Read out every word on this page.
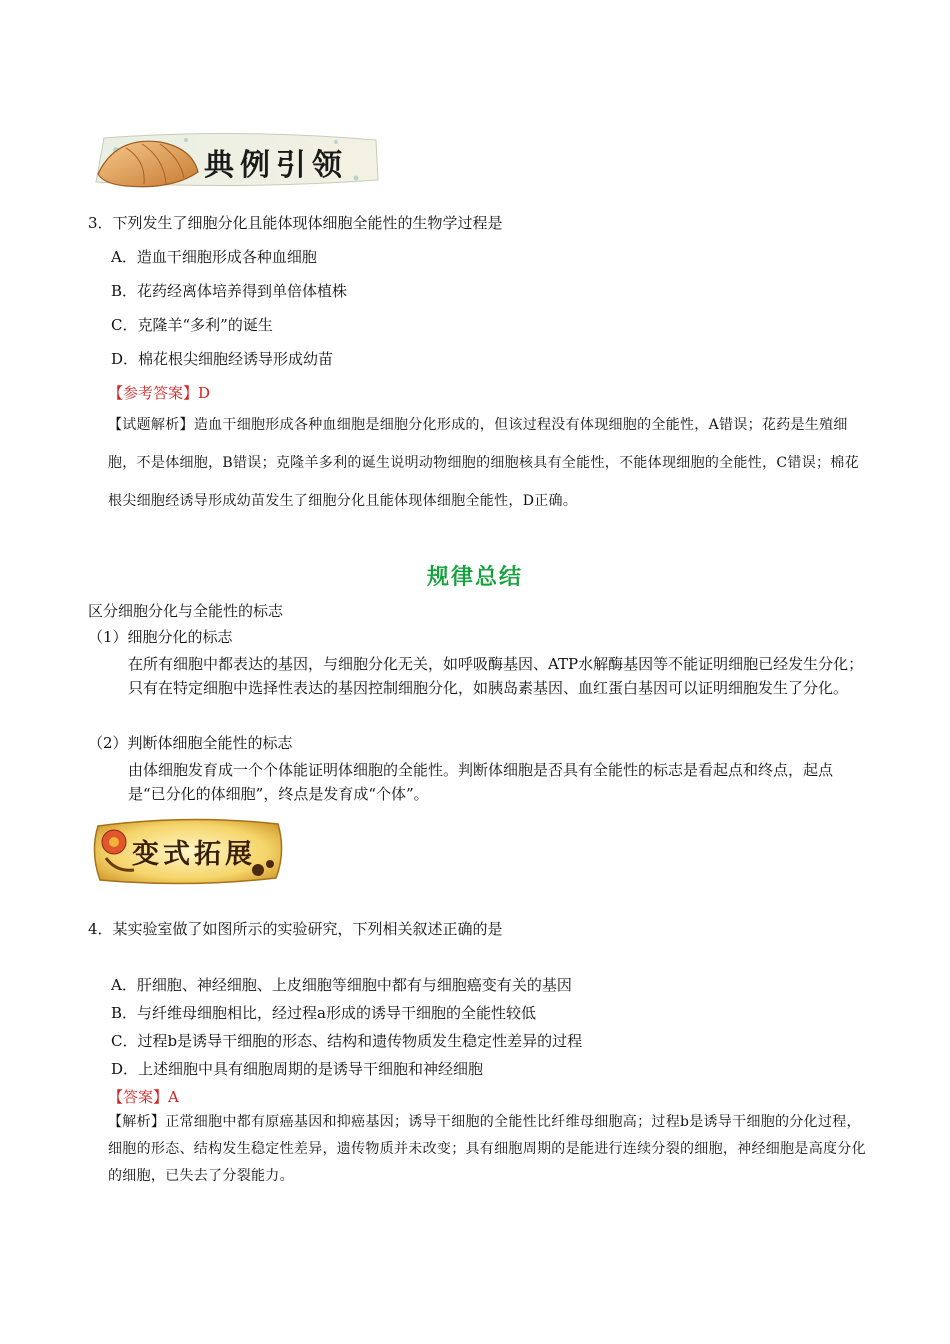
典例引领
3．下列发生了细胞分化且能体现体细胞全能性的生物学过程是
A．造血干细胞形成各种血细胞
B．花药经离体培养得到单倍体植株
C．克隆羊“多利”的诞生
D．棉花根尖细胞经诱导形成幼苗
【参考答案】D
【试题解析】造血干细胞形成各种血细胞是细胞分化形成的，但该过程没有体现细胞的全能性，A错误；花药是生殖细胞，不是体细胞，B错误；克隆羊多利的诞生说明动物细胞的细胞核具有全能性，不能体现细胞的全能性，C错误；棉花根尖细胞经诱导形成幼苗发生了细胞分化且能体现体细胞全能性，D正确。
规律总结
区分细胞分化与全能性的标志
（1）细胞分化的标志
在所有细胞中都表达的基因，与细胞分化无关，如呼吸酶基因、ATP水解酶基因等不能证明细胞已经发生分化；只有在特定细胞中选择性表达的基因控制细胞分化，如胰岛素基因、血红蛋白基因可以证明细胞发生了分化。
（2）判断体细胞全能性的标志
由体细胞发育成一个个体能证明体细胞的全能性。判断体细胞是否具有全能性的标志是看起点和终点，起点是“已分化的体细胞”，终点是发育成“个体”。
变式拓展
4．某实验室做了如图所示的实验研究，下列相关叙述正确的是
A．肝细胞、神经细胞、上皮细胞等细胞中都有与细胞癌变有关的基因
B．与纤维母细胞相比，经过程a形成的诱导干细胞的全能性较低
C．过程b是诱导干细胞的形态、结构和遗传物质发生稳定性差异的过程
D．上述细胞中具有细胞周期的是诱导干细胞和神经细胞
【答案】A
【解析】正常细胞中都有原癌基因和抑癌基因；诱导干细胞的全能性比纤维母细胞高；过程b是诱导干细胞的分化过程，细胞的形态、结构发生稳定性差异，遗传物质并未改变；具有细胞周期的是能进行连续分裂的细胞，神经细胞是高度分化的细胞，已失去了分裂能力。
